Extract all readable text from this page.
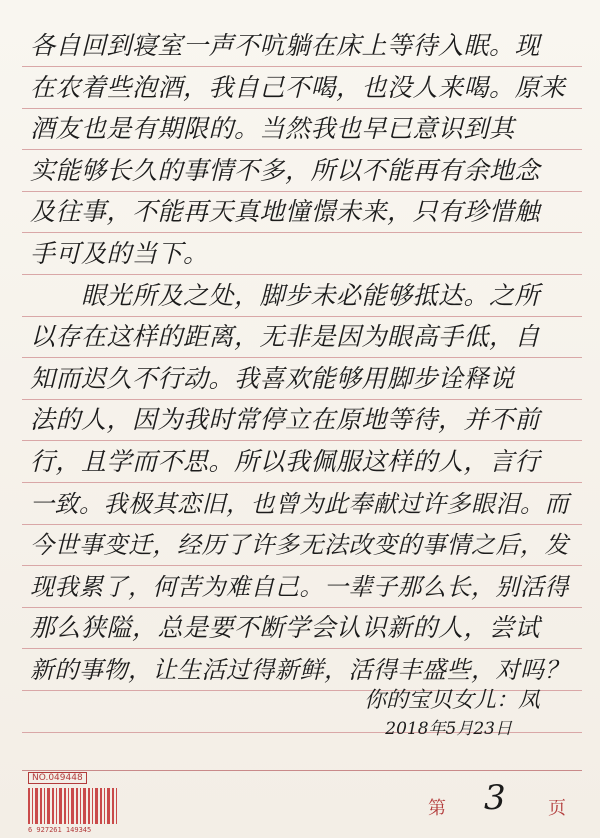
各自回到寝室一声不吭躺在床上等待入眠。现
在农着些泡酒，我自己不喝，也没人来喝。原来
酒友也是有期限的。当然我也早已意识到其
实能够长久的事情不多，所以不能再有余地念
及往事，不能再天真地憧憬未来，只有珍惜触
手可及的当下。
　　眼光所及之处，脚步未必能够抵达。之所
以存在这样的距离，无非是因为眼高手低，自
知而迟久不行动。我喜欢能够用脚步诠释说
法的人，因为我时常停立在原地等待，并不前
行，且学而不思。所以我佩服这样的人，言行
一致。我极其恋旧，也曾为此奉献过许多眼泪。而
今世事变迁，经历了许多无法改变的事情之后，发
现我累了，何苦为难自己。一辈子那么长，别活得
那么狭隘，总是要不断学会认识新的人，尝试
新的事物，让生活过得新鲜，活得丰盛些，对吗？
你的宝贝女儿：凤
2018年5月23日
NO.049448
6 927261 149345
第 3 页
